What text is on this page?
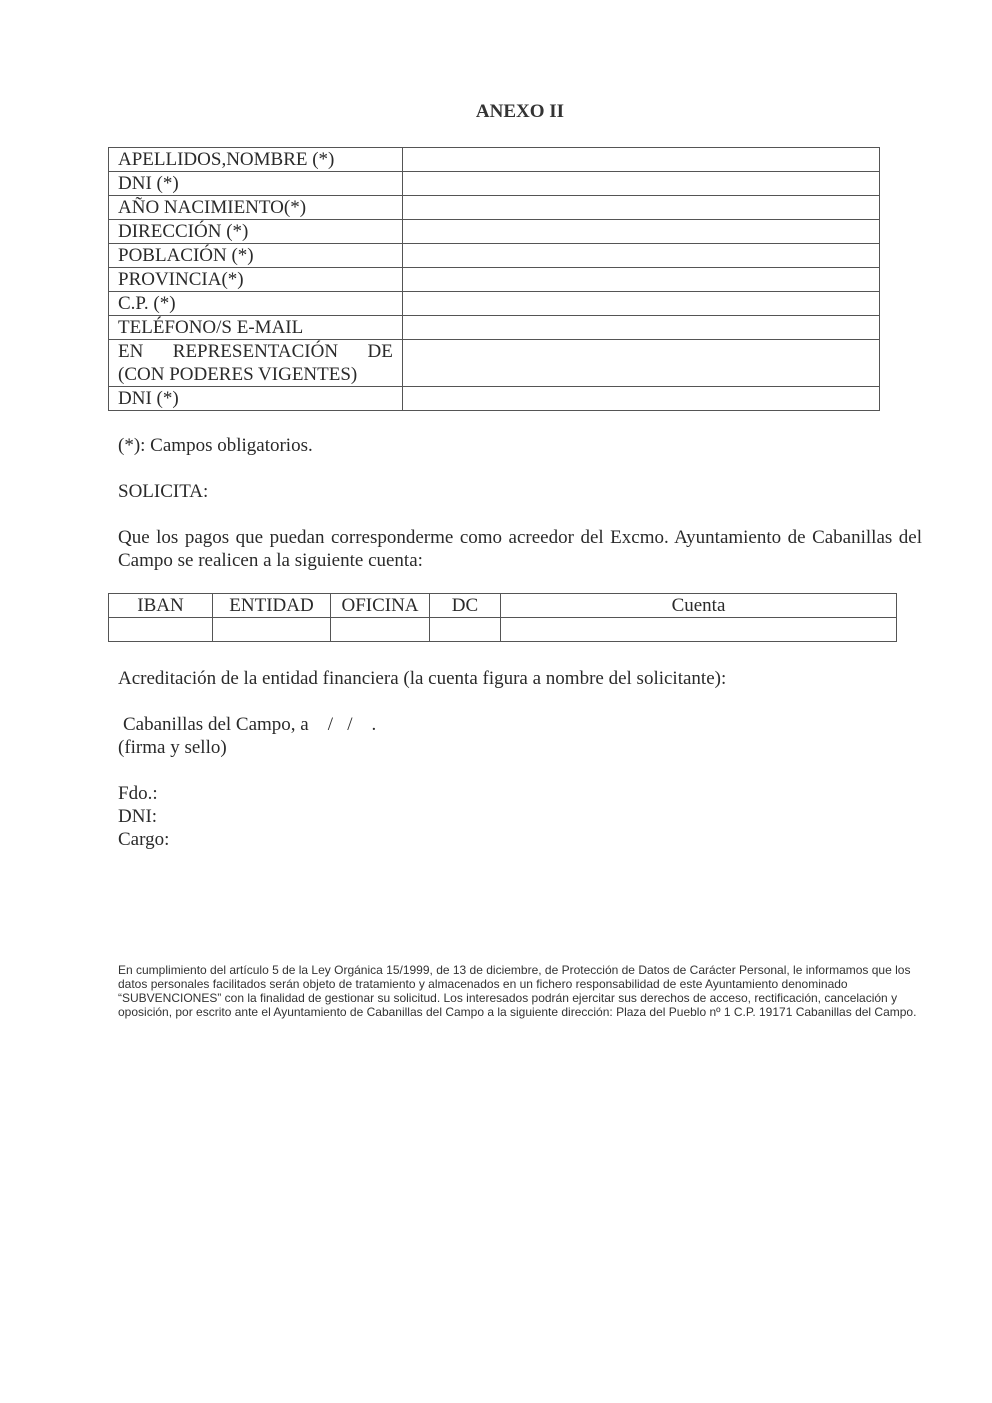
ANEXO II
APELLIDOS,NOMBRE (*)	
DNI (*)	
AÑO NACIMIENTO(*)	
DIRECCIÓN (*)	
POBLACIÓN (*)	
PROVINCIA(*)	
C.P. (*)	
TELÉFONO/S E-MAIL	
EN REPRESENTACIÓN DE (CON PODERES VIGENTES)	
DNI (*)	
(*): Campos obligatorios.
SOLICITA:
Que los pagos que puedan corresponderme como acreedor del Excmo. Ayuntamiento de Cabanillas del Campo se realicen a la siguiente cuenta:
IBAN	ENTIDAD	OFICINA	DC	Cuenta

Acreditación de la entidad financiera (la cuenta figura a nombre del solicitante):
Cabanillas del Campo, a    /   /    .
(firma y sello)
Fdo.:
DNI:
Cargo:
En cumplimiento del artículo 5 de la Ley Orgánica 15/1999, de 13 de diciembre, de Protección de Datos de Carácter Personal, le informamos que los datos personales facilitados serán objeto de tratamiento y almacenados en un fichero responsabilidad de este Ayuntamiento denominado “SUBVENCIONES” con la finalidad de gestionar su solicitud. Los interesados podrán ejercitar sus derechos de acceso, rectificación, cancelación y oposición, por escrito ante el Ayuntamiento de Cabanillas del Campo a la siguiente dirección: Plaza del Pueblo nº 1 C.P. 19171 Cabanillas del Campo.
